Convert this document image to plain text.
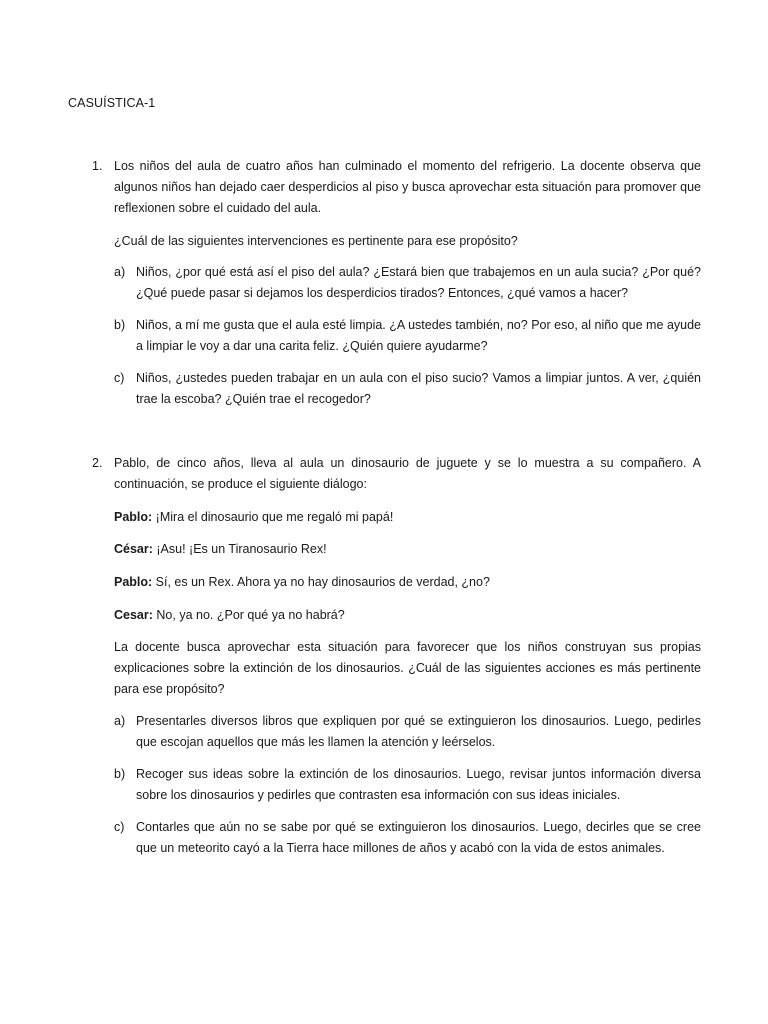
CASUÍSTICA-1
1. Los niños del aula de cuatro años han culminado el momento del refrigerio. La docente observa que algunos niños han dejado caer desperdicios al piso y busca aprovechar esta situación para promover que reflexionen sobre el cuidado del aula.

¿Cuál de las siguientes intervenciones es pertinente para ese propósito?

a) Niños, ¿por qué está así el piso del aula? ¿Estará bien que trabajemos en un aula sucia? ¿Por qué? ¿Qué puede pasar si dejamos los desperdicios tirados? Entonces, ¿qué vamos a hacer?

b) Niños, a mí me gusta que el aula esté limpia. ¿A ustedes también, no? Por eso, al niño que me ayude a limpiar le voy a dar una carita feliz. ¿Quién quiere ayudarme?

c) Niños, ¿ustedes pueden trabajar en un aula con el piso sucio? Vamos a limpiar juntos. A ver, ¿quién trae la escoba? ¿Quién trae el recogedor?

2. Pablo, de cinco años, lleva al aula un dinosaurio de juguete y se lo muestra a su compañero. A continuación, se produce el siguiente diálogo:

Pablo: ¡Mira el dinosaurio que me regaló mi papá!
César: ¡Asu! ¡Es un Tiranosaurio Rex!
Pablo: Sí, es un Rex. Ahora ya no hay dinosaurios de verdad, ¿no?
Cesar: No, ya no. ¿Por qué ya no habrá?

La docente busca aprovechar esta situación para favorecer que los niños construyan sus propias explicaciones sobre la extinción de los dinosaurios. ¿Cuál de las siguientes acciones es más pertinente para ese propósito?

a) Presentarles diversos libros que expliquen por qué se extinguieron los dinosaurios. Luego, pedirles que escojan aquellos que más les llamen la atención y leérselos.

b) Recoger sus ideas sobre la extinción de los dinosaurios. Luego, revisar juntos información diversa sobre los dinosaurios y pedirles que contrasten esa información con sus ideas iniciales.

c) Contarles que aún no se sabe por qué se extinguieron los dinosaurios. Luego, decirles que se cree que un meteorito cayó a la Tierra hace millones de años y acabó con la vida de estos animales.
